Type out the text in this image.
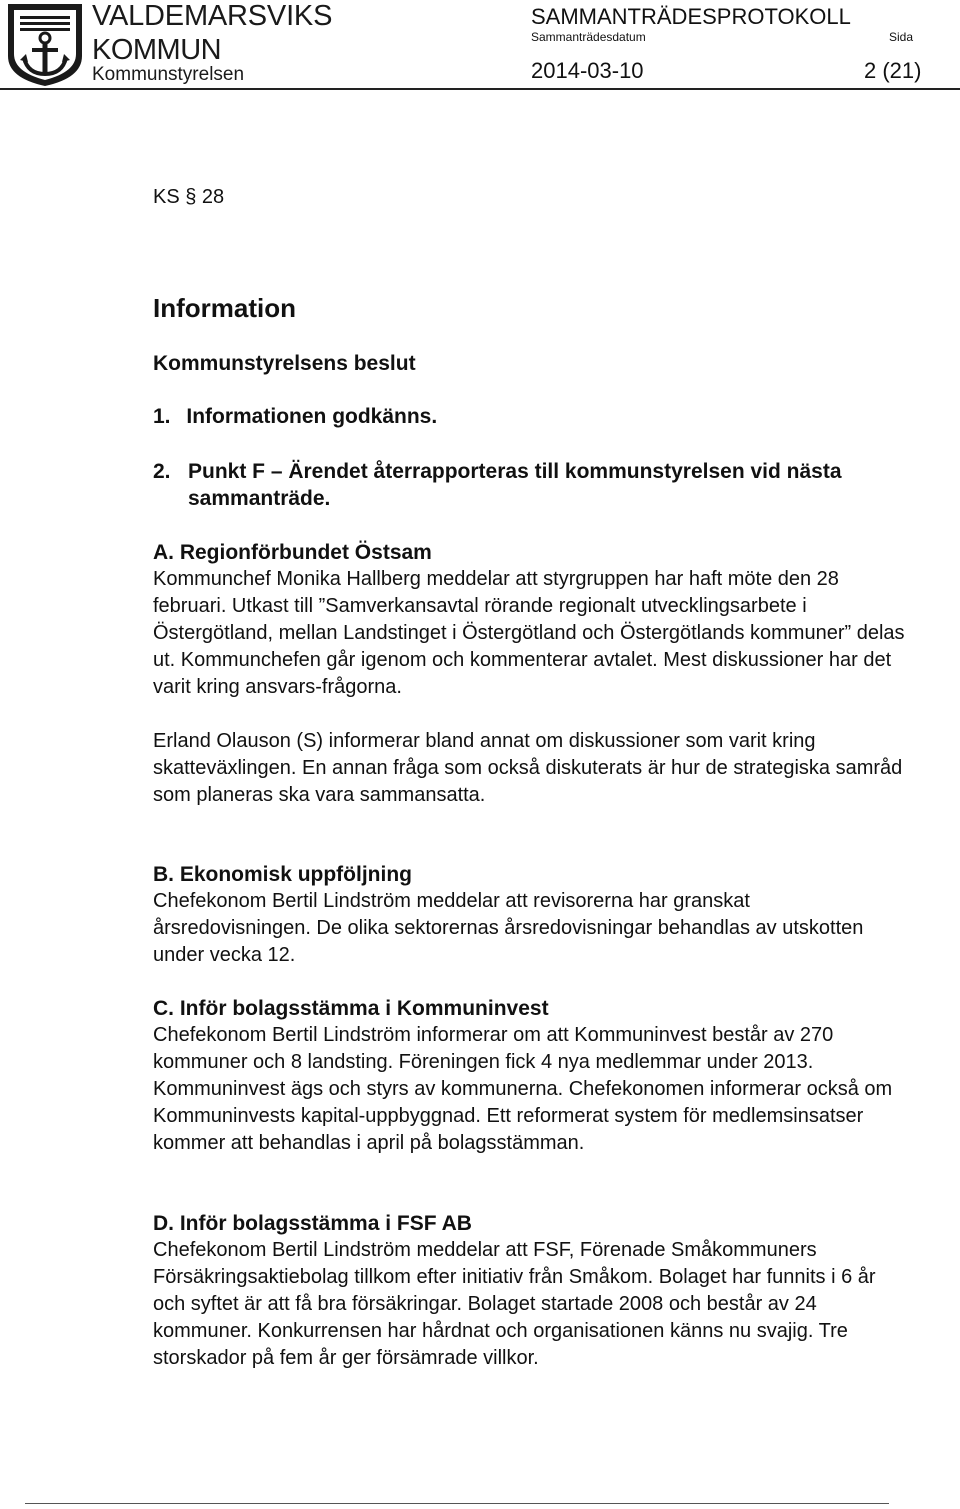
VALDEMARSVIKS
KOMMUN
Kommunstyrelsen
SAMMANTRÄDESPROTOKOLL
Sammanträdesdatum	Sida
2014-03-10	2 (21)
KS § 28
Information
Kommunstyrelsens beslut
1. Informationen godkänns.
2. Punkt F – Ärendet återrapporteras till kommunstyrelsen vid nästa sammanträde.
A. Regionförbundet Östsam

Kommunchef Monika Hallberg meddelar att styrgruppen har haft möte den 28 februari. Utkast till ”Samverkansavtal rörande regionalt utvecklingsarbete i Östergötland, mellan Landstinget i Östergötland och Östergötlands kommuner” delas ut. Kommunchefen går igenom och kommenterar avtalet. Mest diskussioner har det varit kring ansvars-frågorna.

Erland Olauson (S) informerar bland annat om diskussioner som varit kring skatteväxlingen. En annan fråga som också diskuterats är hur de strategiska samråd som planeras ska vara sammansatta.

B. Ekonomisk uppföljning

Chefekonom Bertil Lindström meddelar att revisorerna har granskat årsredovisningen. De olika sektorernas årsredovisningar behandlas av utskotten under vecka 12.

C. Inför bolagsstämma i Kommuninvest

Chefekonom Bertil Lindström informerar om att Kommuninvest består av 270 kommuner och 8 landsting. Föreningen fick 4 nya medlemmar under 2013. Kommuninvest ägs och styrs av kommunerna. Chefekonomen informerar också om Kommuninvests kapital-uppbyggnad. Ett reformerat system för medlemsinsatser kommer att behandlas i april på bolagsstämman.

D. Inför bolagsstämma i FSF AB

Chefekonom Bertil Lindström meddelar att FSF, Förenade Småkommuners Försäkringsaktiebolag tillkom efter initiativ från Småkom. Bolaget har funnits i 6 år och syftet är att få bra försäkringar. Bolaget startade 2008 och består av 24 kommuner. Konkurrensen har hårdnat och organisationen känns nu svajig. Tre storskador på fem år ger försämrade villkor.
